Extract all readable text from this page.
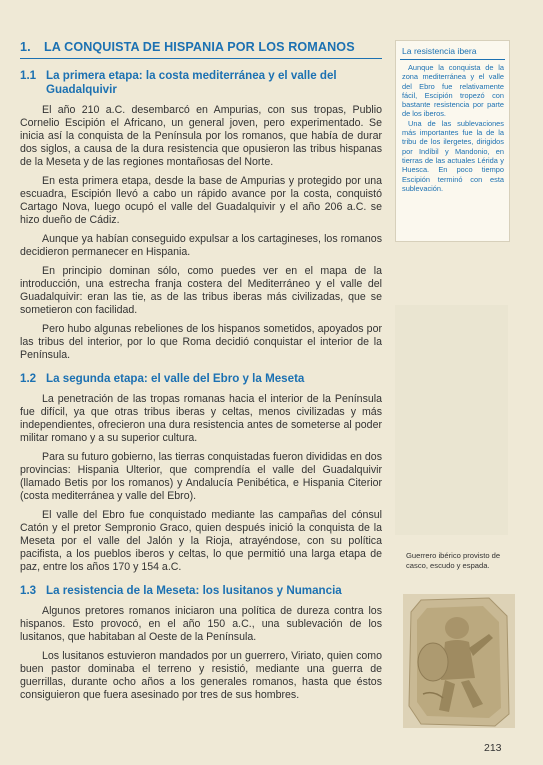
1. LA CONQUISTA DE HISPANIA POR LOS ROMANOS
1.1 La primera etapa: la costa mediterránea y el valle del
Guadalquivir

El año 210 a.C. desembarcó en Ampurias, con sus tropas, Publio Cornelio Escipión el Africano, un general joven, pero experimentado. Se inicia así la conquista de la Península por los romanos, que había de durar dos siglos, a causa de la dura resistencia que opusieron las tribus hispanas de la Meseta y de las regiones montañosas del Norte.

En esta primera etapa, desde la base de Ampurias y protegido por una escuadra, Escipión llevó a cabo un rápido avance por la costa, conquistó Cartago Nova, luego ocupó el valle del Guadalquivir y el año 206 a.C. se hizo dueño de Cádiz.

Aunque ya habían conseguido expulsar a los cartagineses, los romanos decidieron permanecer en Hispania.

En principio dominan sólo, como puedes ver en el mapa de la introducción, una estrecha franja costera del Mediterráneo y el valle del Guadalquivir: eran las tie‚ as de las tribus iberas más civilizadas, que se sometieron con facilidad.

Pero hubo algunas rebeliones de los hispanos sometidos, apoyados por las tribus del interior, por lo que Roma decidió conquistar el interior de la Península.

1.2 La segunda etapa: el valle del Ebro y la Meseta

La penetración de las tropas romanas hacia el interior de la Península fue difícil, ya que otras tribus iberas y celtas, menos civilizadas y más independientes, ofrecieron una dura resistencia antes de someterse al poder militar romano y a su superior cultura.

Para su futuro gobierno, las tierras conquistadas fueron divididas en dos provincias: Hispania Ulterior, que comprendía el valle del Guadalquivir (llamado Betis por los romanos) y Andalucía Penibética, e Hispania Citerior (costa mediterránea y valle del Ebro).

El valle del Ebro fue conquistado mediante las campañas del cónsul Catón y el pretor Sempronio Graco, quien después inició la conquista de la Meseta por el valle del Jalón y la Rioja, atrayéndose, con su política pacifista, a los pueblos iberos y celtas, lo que permitió una larga etapa de paz, entre los años 170 y 154 a.C.

1.3 La resistencia de la Meseta: los lusitanos y Numancia

Algunos pretores romanos iniciaron una política de dureza contra los hispanos. Esto provocó, en el año 150 a.C., una sublevación de los lusitanos, que habitaban al Oeste de la Península.

Los lusitanos estuvieron mandados por un guerrero, Viriato, quien como buen pastor dominaba el terreno y resistió, mediante una guerra de guerrillas, durante ocho años a los generales romanos, hasta que éstos consiguieron que fuera asesinado por tres de sus hombres.

La resistencia ibera

Aunque la conquista de la zona mediterránea y el valle del Ebro fue relativamente fácil, Escipión tropezó con bastante resistencia por parte de los iberos.

Una de las sublevaciones más importantes fue la de la tribu de los ilergetes, dirigidos por Indíbil y Mandonio, en tierras de las actuales Lérida y Huesca. En poco tiempo Escipión terminó con esta sublevación.

Guerrero ibérico provisto de casco, escudo y espada.
213
